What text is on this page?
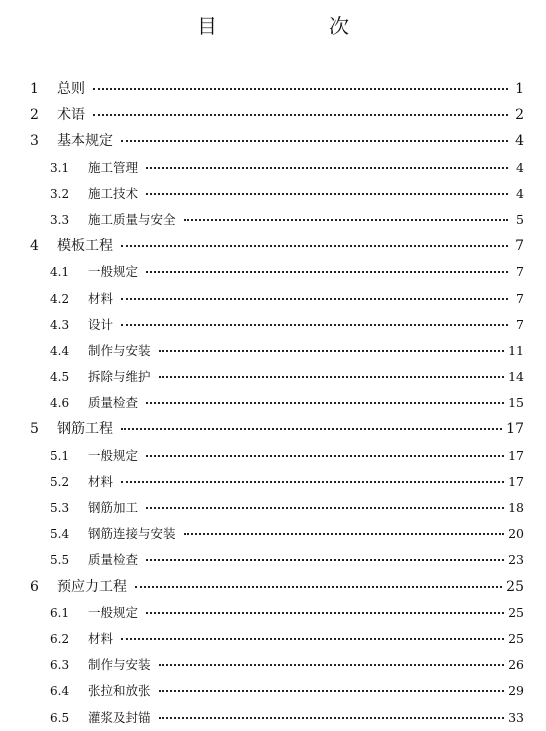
目　次
1	总则	1
2	术语	2
3	基本规定	4
3.1	施工管理	4
3.2	施工技术	4
3.3	施工质量与安全	5
4	模板工程	7
4.1	一般规定	7
4.2	材料	7
4.3	设计	7
4.4	制作与安装	11
4.5	拆除与维护	14
4.6	质量检查	15
5	钢筋工程	17
5.1	一般规定	17
5.2	材料	17
5.3	钢筋加工	18
5.4	钢筋连接与安装	20
5.5	质量检查	23
6	预应力工程	25
6.1	一般规定	25
6.2	材料	25
6.3	制作与安装	26
6.4	张拉和放张	29
6.5	灌浆及封锚	33
